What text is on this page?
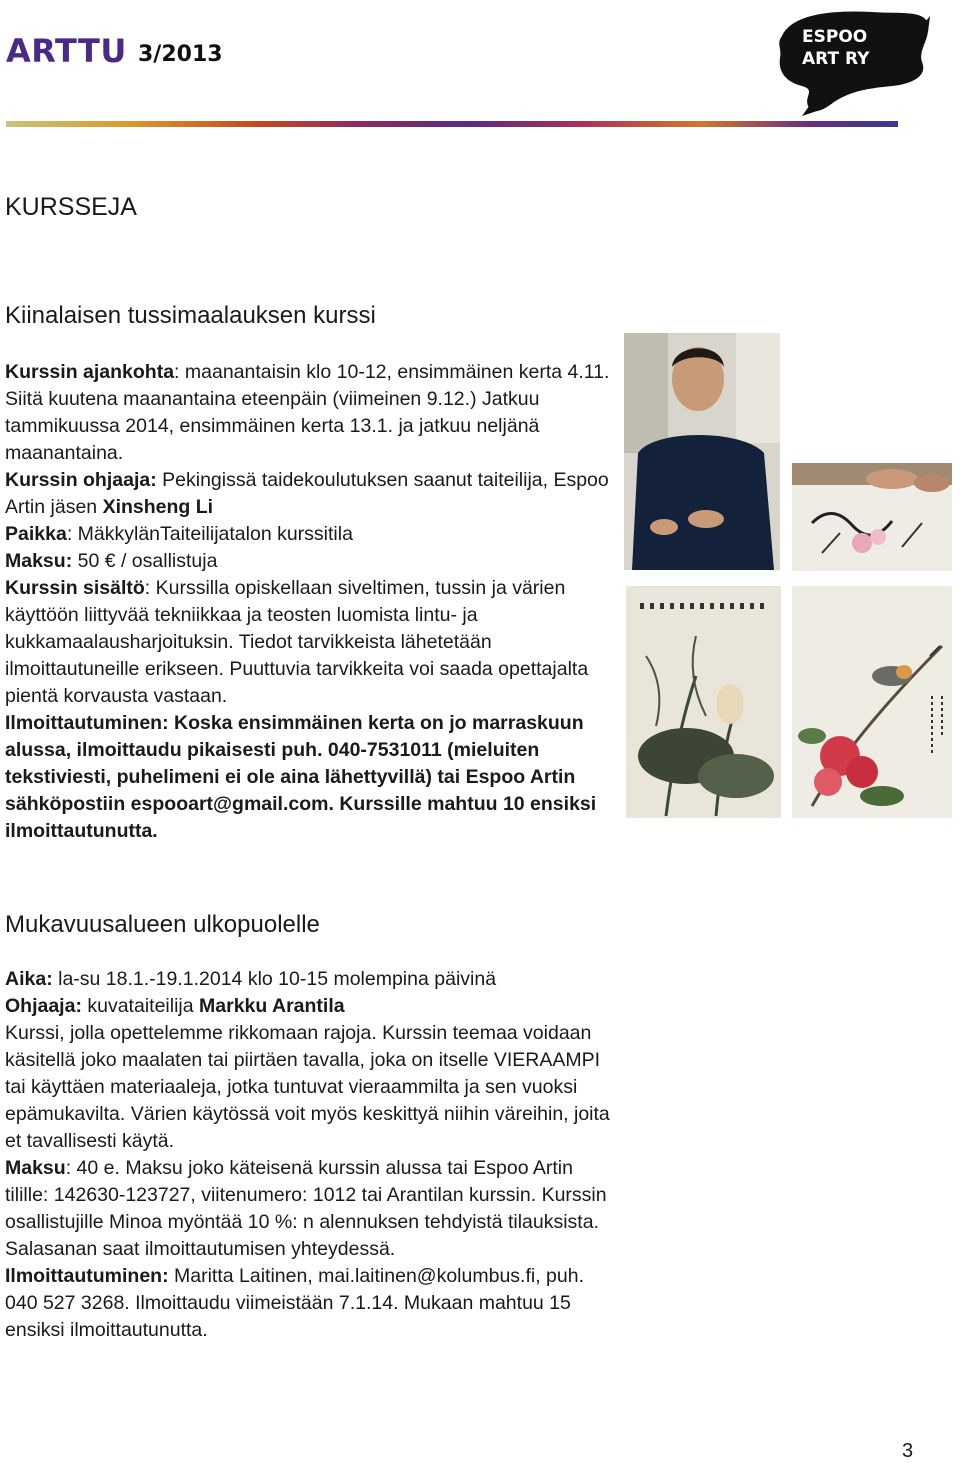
ARTTU 3/2013
ESPOO
ART RY
KURSSEJA
Kiinalaisen tussimaalauksen kurssi

Kurssin ajankohta: maanantaisin klo 10-12, ensimmäinen kerta 4.11. Siitä kuutena maanantaina eteenpäin (viimeinen 9.12.) Jatkuu tammikuussa 2014, ensimmäinen kerta 13.1. ja jatkuu neljänä maanantaina.

Kurssin ohjaaja: Pekingissä taidekoulutuksen saanut taiteilija, Espoo Artin jäsen Xinsheng Li

Paikka: MäkkylänTaiteilijatalon kurssitila

Maksu: 50 € / osallistuja

Kurssin sisältö: Kurssilla opiskellaan siveltimen, tussin ja värien käyttöön liittyvää tekniikkaa ja teosten luomista lintu- ja kukkamaalausharjoituksin. Tiedot tarvikkeista lähetetään ilmoittautuneille erikseen. Puuttuvia tarvikkeita voi saada opettajalta pientä korvausta vastaan.

Ilmoittautuminen: Koska ensimmäinen kerta on jo marraskuun alussa, ilmoittaudu pikaisesti puh. 040-7531011 (mieluiten tekstiviesti, puhelimeni ei ole aina lähettyvillä) tai Espoo Artin sähköpostiin espooart@gmail.com. Kurssille mahtuu 10 ensiksi ilmoittautunutta.

Mukavuusalueen ulkopuolelle

Aika: la-su 18.1.-19.1.2014 klo 10-15 molempina päivinä

Ohjaaja: kuvataiteilija Markku Arantila

Kurssi, jolla opettelemme rikkomaan rajoja. Kurssin teemaa voidaan käsitellä joko maalaten tai piirtäen tavalla, joka on itselle VIERAAMPI tai käyttäen materiaaleja, jotka tuntuvat vieraammilta ja sen vuoksi epämukavilta. Värien käytössä voit myös keskittyä niihin väreihin, joita et tavallisesti käytä.

Maksu: 40 e. Maksu joko käteisenä kurssin alussa tai Espoo Artin tilille: 142630-123727, viitenumero: 1012 tai Arantilan kurssin. Kurssin osallistujille Minoa myöntää 10 %: n alennuksen tehdyistä tilauksista. Salasanan saat ilmoittautumisen yhteydessä.

Ilmoittautuminen: Maritta Laitinen, mai.laitinen@kolumbus.fi, puh. 040 527 3268. Ilmoittaudu viimeistään 7.1.14. Mukaan mahtuu 15 ensiksi ilmoittautunutta.

3
